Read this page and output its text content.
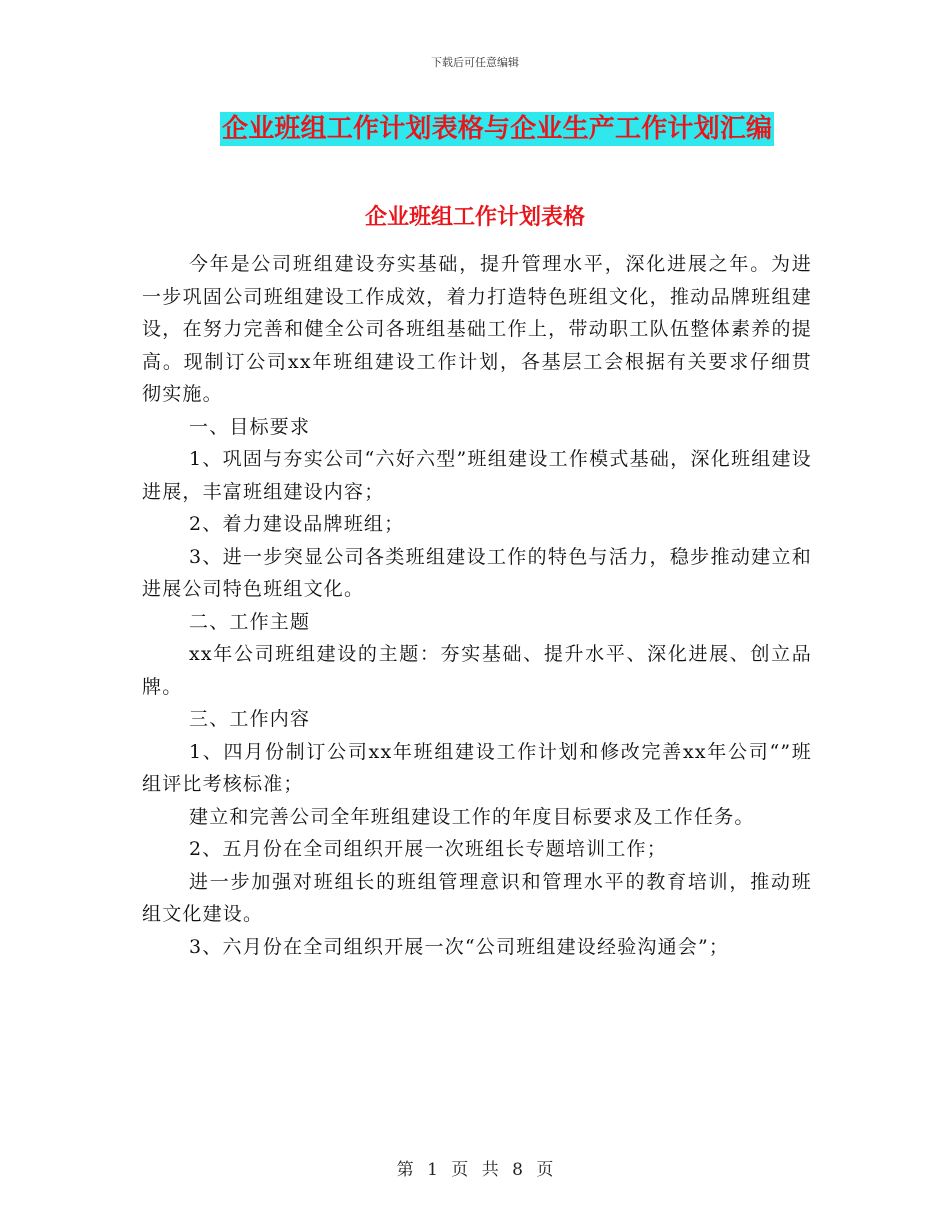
下载后可任意编辑
企业班组工作计划表格与企业生产工作计划汇编
企业班组工作计划表格

今年是公司班组建设夯实基础，提升管理水平，深化进展之年。为进一步巩固公司班组建设工作成效，着力打造特色班组文化，推动品牌班组建设，在努力完善和健全公司各班组基础工作上，带动职工队伍整体素养的提高。现制订公司xx年班组建设工作计划，各基层工会根据有关要求仔细贯彻实施。

一、目标要求

1、巩固与夯实公司“六好六型”班组建设工作模式基础，深化班组建设进展，丰富班组建设内容；

2、着力建设品牌班组；

3、进一步突显公司各类班组建设工作的特色与活力，稳步推动建立和进展公司特色班组文化。

二、工作主题

xx年公司班组建设的主题：夯实基础、提升水平、深化进展、创立品牌。

三、工作内容

1、四月份制订公司xx年班组建设工作计划和修改完善xx年公司“”班组评比考核标准；

建立和完善公司全年班组建设工作的年度目标要求及工作任务。

2、五月份在全司组织开展一次班组长专题培训工作；

进一步加强对班组长的班组管理意识和管理水平的教育培训，推动班组文化建设。

3、六月份在全司组织开展一次“公司班组建设经验沟通会”；

第 1 页 共 8 页
